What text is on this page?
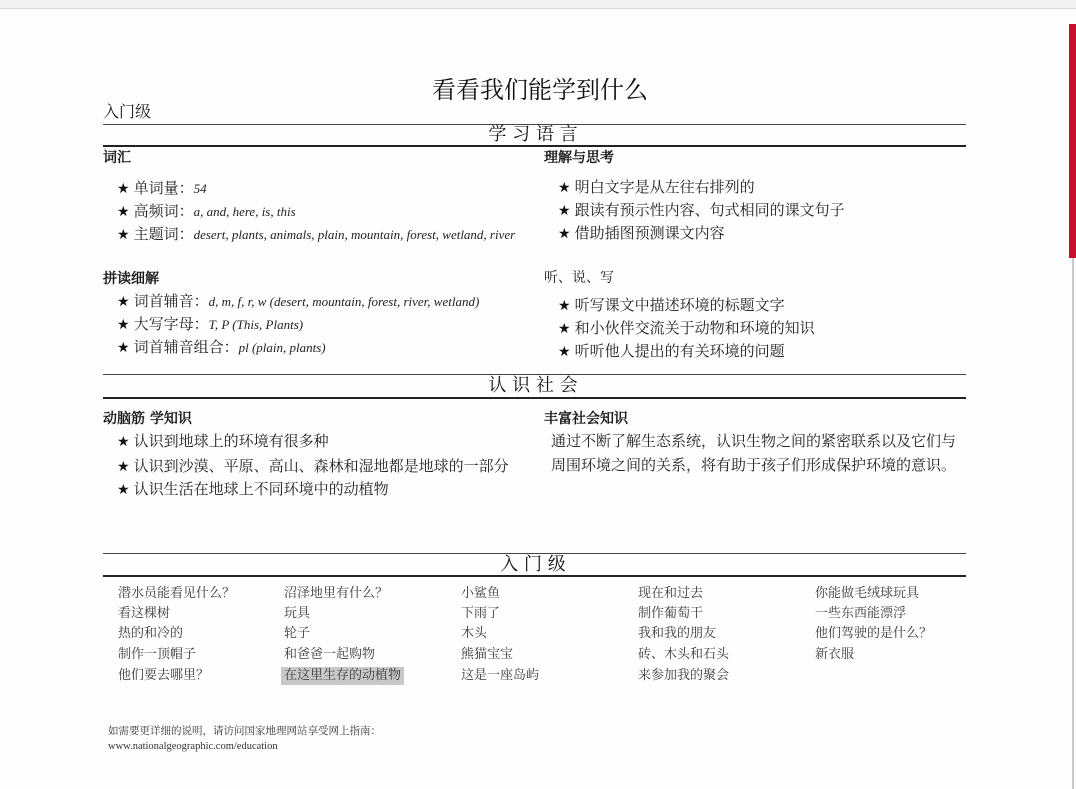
看看我们能学到什么
入门级
学 习 语 言
词汇
★ 单词量：54
★ 高频词：a, and, here, is, this
★ 主题词：desert, plants, animals, plain, mountain, forest, wetland, river
拼读细解
★ 词首辅音：d, m, f, r, w (desert, mountain, forest, river, wetland)
★ 大写字母：T, P (This, Plants)
★ 词首辅音组合：pl (plain, plants)
理解与思考
★ 明白文字是从左往右排列的
★ 跟读有预示性内容、句式相同的课文句子
★ 借助插图预测课文内容
听、说、写
★ 听写课文中描述环境的标题文字
★ 和小伙伴交流关于动物和环境的知识
★ 听听他人提出的有关环境的问题
认 识 社 会
动脑筋 学知识
★ 认识到地球上的环境有很多种
★ 认识到沙漠、平原、高山、森林和湿地都是地球的一部分
★ 认识生活在地球上不同环境中的动植物
丰富社会知识
通过不断了解生态系统，认识生物之间的紧密联系以及它们与
周围环境之间的关系，将有助于孩子们形成保护环境的意识。
入 门 级
潜水员能看见什么？
看这棵树
热的和冷的
制作一顶帽子
他们要去哪里？
沼泽地里有什么？
玩具
轮子
和爸爸一起购物
在这里生存的动植物
小鲨鱼
下雨了
木头
熊猫宝宝
这是一座岛屿
现在和过去
制作葡萄干
我和我的朋友
砖、木头和石头
来参加我的聚会
你能做毛绒球玩具
一些东西能漂浮
他们驾驶的是什么？
新衣服
如需要更详细的说明，请访问国家地理网站享受网上指南：
www.nationalgeographic.com/education
